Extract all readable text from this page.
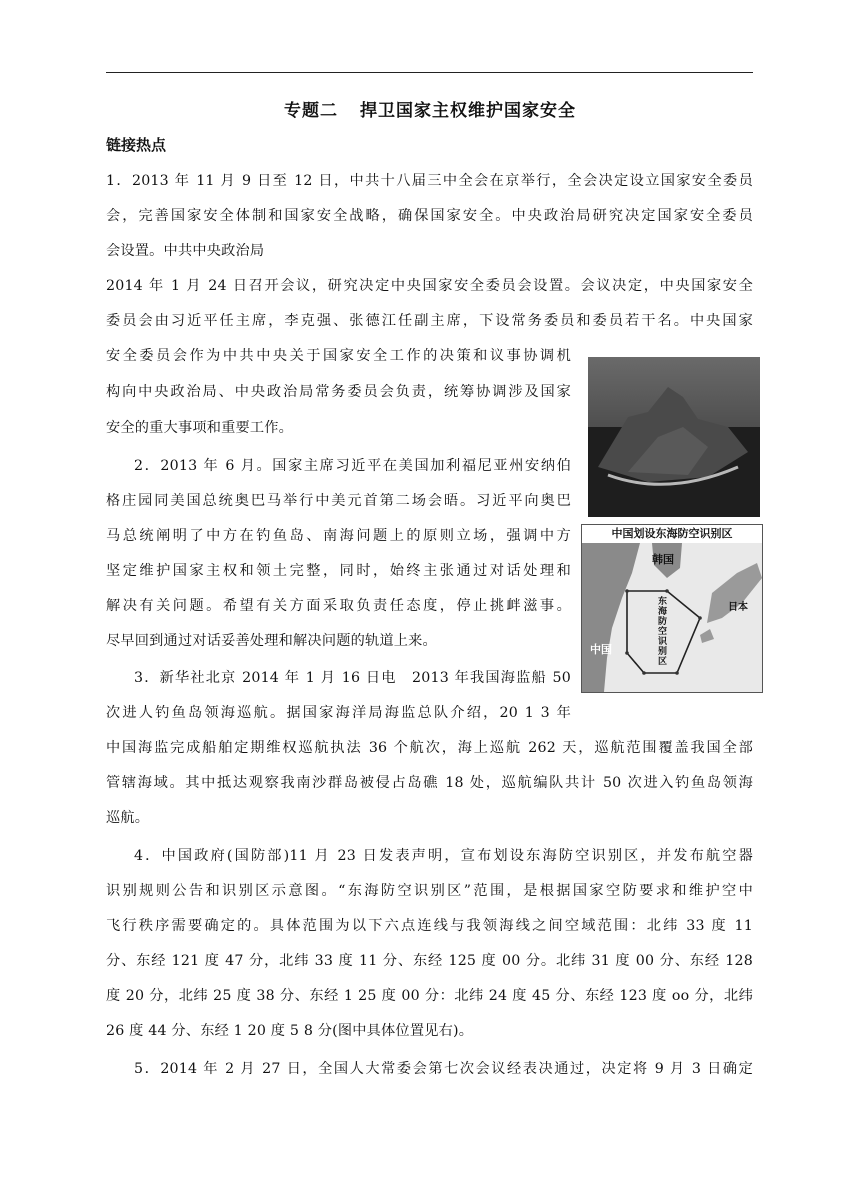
专题二 捍卫国家主权维护国家安全
链接热点
1．2013 年 11 月 9 日至 12 日，中共十八届三中全会在京举行，全会决定设立国家安全委员
会，完善国家安全体制和国家安全战略，确保国家安全。中央政治局研究决定国家安全委员
会设置。中共中央政治局
2014 年 1 月 24 日召开会议，研究决定中央国家安全委员会设置。会议决定，中央国家安全
委员会由习近平任主席，李克强、张德江任副主席，下设常务委员和委员若干名。中央国家
安全委员会作为中共中央关于国家安全工作的决策和议事协调机
构向中央政治局、中央政治局常务委员会负责，统筹协调涉及国家
安全的重大事项和重要工作。
2．2013 年 6 月。国家主席习近平在美国加利福尼亚州安纳伯
格庄园同美国总统奥巴马举行中美元首第二场会晤。习近平向奥巴
马总统阐明了中方在钓鱼岛、南海问题上的原则立场，强调中方
坚定维护国家主权和领土完整，同时，始终主张通过对话处理和
解决有关问题。希望有关方面采取负责任态度，停止挑衅滋事。
尽早回到通过对话妥善处理和解决问题的轨道上来。
3．新华社北京 2014 年 1 月 16 日电　2013 年我国海监船 50
次进人钓鱼岛领海巡航。据国家海洋局海监总队介绍，20 1 3 年
中国海监完成船舶定期维权巡航执法 36 个航次，海上巡航 262 天，巡航范围覆盖我国全部
管辖海域。其中抵达观察我南沙群岛被侵占岛礁 18 处，巡航编队共计 50 次进入钓鱼岛领海
巡航。
4．中国政府(国防部)11 月 23 日发表声明，宣布划设东海防空识别区，并发布航空器
识别规则公告和识别区示意图。“东海防空识别区”范围，是根据国家空防要求和维护空中
飞行秩序需要确定的。具体范围为以下六点连线与我领海线之间空域范围：北纬 33 度 11
分、东经 121 度 47 分，北纬 33 度 11 分、东经 125 度 00 分。北纬 31 度 00 分、东经 128
度 20 分，北纬 25 度 38 分、东经 1 25 度 00 分：北纬 24 度 45 分、东经 123 度 oo 分，北纬
26 度 44 分、东经 1 20 度 5 8 分(图中具体位置见右)。
5．2014 年 2 月 27 日，全国人大常委会第七次会议经表决通过，决定将 9 月 3 日确定
中国划设东海防空识别区
韩国
日本
中国
东海防空识别区
